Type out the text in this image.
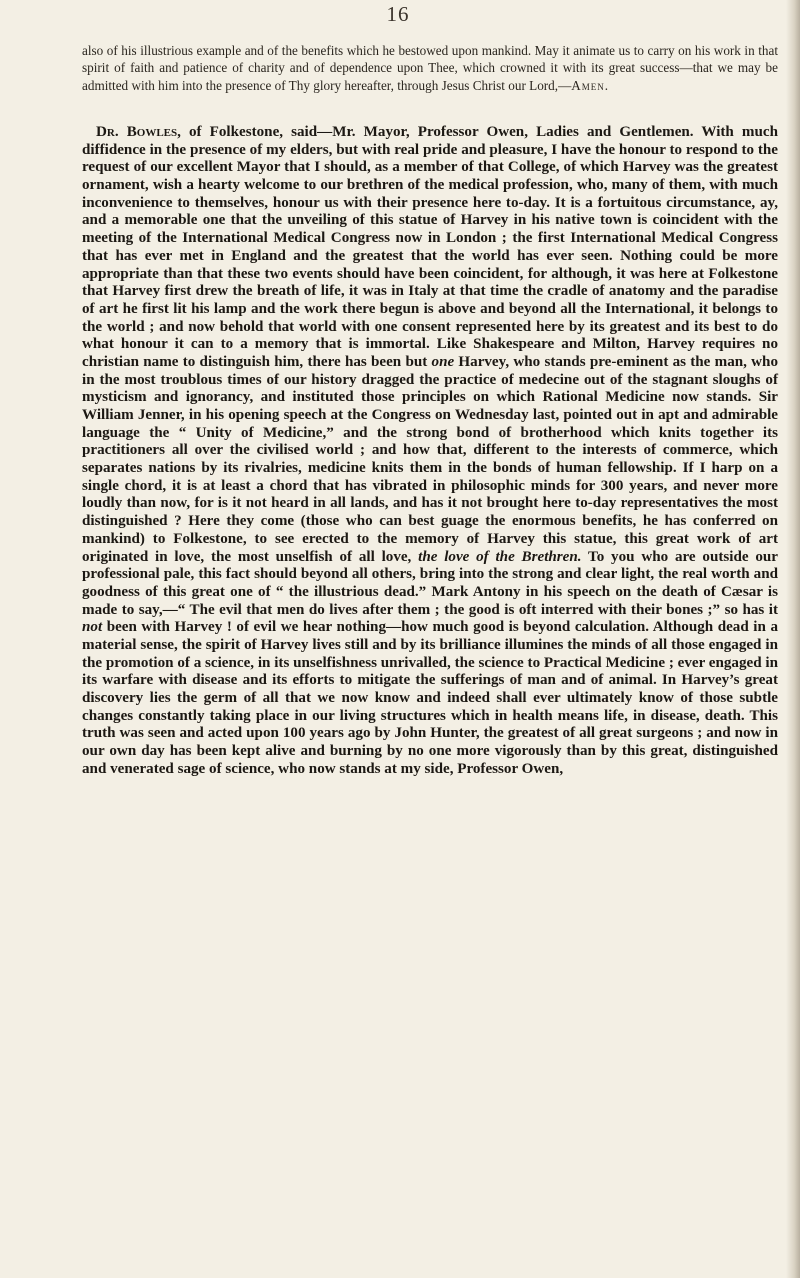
16

also of his illustrious example and of the benefits which he bestowed upon mankind. May it animate us to carry on his work in that spirit of faith and patience of charity and of dependence upon Thee, which crowned it with its great success—that we may be admitted with him into the presence of Thy glory hereafter, through Jesus Christ our Lord,—Amen.

Dr. Bowles, of Folkestone, said—Mr. Mayor, Professor Owen, Ladies and Gentlemen. With much diffidence in the presence of my elders, but with real pride and pleasure, I have the honour to respond to the request of our excellent Mayor that I should, as a member of that College, of which Harvey was the greatest ornament, wish a hearty welcome to our brethren of the medical profession, who, many of them, with much inconvenience to themselves, honour us with their presence here to-day. It is a fortuitous circumstance, ay, and a memorable one that the unveiling of this statue of Harvey in his native town is coincident with the meeting of the International Medical Congress now in London ; the first International Medical Congress that has ever met in England and the greatest that the world has ever seen. Nothing could be more appropriate than that these two events should have been coincident, for although, it was here at Folkestone that Harvey first drew the breath of life, it was in Italy at that time the cradle of anatomy and the paradise of art he first lit his lamp and the work there begun is above and beyond all the International, it belongs to the world ; and now behold that world with one consent represented here by its greatest and its best to do what honour it can to a memory that is immortal. Like Shakespeare and Milton, Harvey requires no christian name to distinguish him, there has been but one Harvey, who stands pre-eminent as the man, who in the most troublous times of our history dragged the practice of medecine out of the stagnant sloughs of mysticism and ignorancy, and instituted those principles on which Rational Medicine now stands. Sir William Jenner, in his opening speech at the Congress on Wednesday last, pointed out in apt and admirable language the “ Unity of Medicine,” and the strong bond of brotherhood which knits together its practitioners all over the civilised world ; and how that, different to the interests of commerce, which separates nations by its rivalries, medicine knits them in the bonds of human fellowship. If I harp on a single chord, it is at least a chord that has vibrated in philosophic minds for 300 years, and never more loudly than now, for is it not heard in all lands, and has it not brought here to-day representatives the most distinguished ? Here they come (those who can best guage the enormous benefits, he has conferred on mankind) to Folkestone, to see erected to the memory of Harvey this statue, this great work of art originated in love, the most unselfish of all love, the love of the Brethren. To you who are outside our professional pale, this fact should beyond all others, bring into the strong and clear light, the real worth and goodness of this great one of “ the illustrious dead.” Mark Antony in his speech on the death of Cæsar is made to say,—“ The evil that men do lives after them ; the good is oft interred with their bones ;” so has it not been with Harvey ! of evil we hear nothing—how much good is beyond calculation. Although dead in a material sense, the spirit of Harvey lives still and by its brilliance illumines the minds of all those engaged in the promotion of a science, in its unselfishness unrivalled, the science to Practical Medicine ; ever engaged in its warfare with disease and its efforts to mitigate the sufferings of man and of animal. In Harvey’s great discovery lies the germ of all that we now know and indeed shall ever ultimately know of those subtle changes constantly taking place in our living structures which in health means life, in disease, death. This truth was seen and acted upon 100 years ago by John Hunter, the greatest of all great surgeons ; and now in our own day has been kept alive and burning by no one more vigorously than by this great, distinguished and venerated sage of science, who now stands at my side, Professor Owen,
